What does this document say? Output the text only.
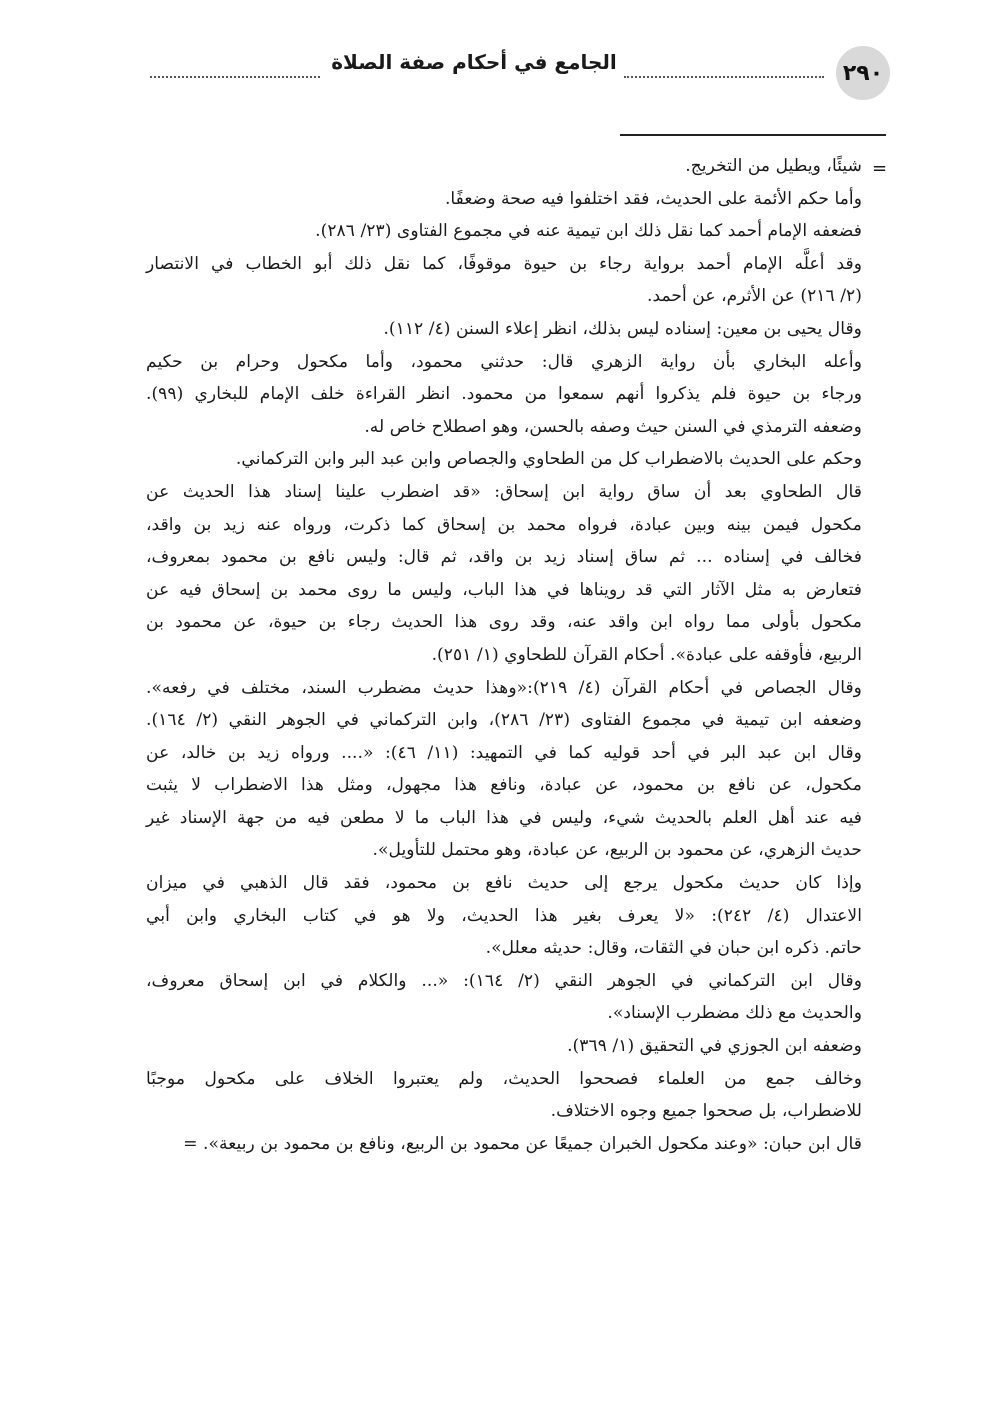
٢٩٠
الجامع في أحكام صفة الصلاة
=
شيئًا، ويطيل من التخريج.
وأما حكم الأئمة على الحديث، فقد اختلفوا فيه صحة وضعفًا.
فضعفه الإمام أحمد كما نقل ذلك ابن تيمية عنه في مجموع الفتاوى (٢٣/ ٢٨٦).
وقد أعلَّه الإمام أحمد برواية رجاء بن حيوة موقوفًا، كما نقل ذلك أبو الخطاب في الانتصار
(٢/ ٢١٦) عن الأثرم، عن أحمد.
وقال يحيى بن معين: إسناده ليس بذلك، انظر إعلاء السنن (٤/ ١١٢).
وأعله البخاري بأن رواية الزهري قال: حدثني محمود، وأما مكحول وحرام بن حكيم
ورجاء بن حيوة فلم يذكروا أنهم سمعوا من محمود. انظر القراءة خلف الإمام للبخاري (٩٩).
وضعفه الترمذي في السنن حيث وصفه بالحسن، وهو اصطلاح خاص له.
وحكم على الحديث بالاضطراب كل من الطحاوي والجصاص وابن عبد البر وابن التركماني.
قال الطحاوي بعد أن ساق رواية ابن إسحاق: «قد اضطرب علينا إسناد هذا الحديث عن
مكحول فيمن بينه وبين عبادة، فرواه محمد بن إسحاق كما ذكرت، ورواه عنه زيد بن واقد،
فخالف في إسناده ... ثم ساق إسناد زيد بن واقد، ثم قال: وليس نافع بن محمود بمعروف،
فتعارض به مثل الآثار التي قد رويناها في هذا الباب، وليس ما روى محمد بن إسحاق فيه عن
مكحول بأولى مما رواه ابن واقد عنه، وقد روى هذا الحديث رجاء بن حيوة، عن محمود بن
الربيع، فأوقفه على عبادة». أحكام القرآن للطحاوي (١/ ٢٥١).
وقال الجصاص في أحكام القرآن (٤/ ٢١٩):«وهذا حديث مضطرب السند، مختلف في رفعه».
وضعفه ابن تيمية في مجموع الفتاوى (٢٣/ ٢٨٦)، وابن التركماني في الجوهر النقي (٢/ ١٦٤).
وقال ابن عبد البر في أحد قوليه كما في التمهيد: (١١/ ٤٦): «.... ورواه زيد بن خالد، عن
مكحول، عن نافع بن محمود، عن عبادة، ونافع هذا مجهول، ومثل هذا الاضطراب لا يثبت
فيه عند أهل العلم بالحديث شيء، وليس في هذا الباب ما لا مطعن فيه من جهة الإسناد غير
حديث الزهري، عن محمود بن الربيع، عن عبادة، وهو محتمل للتأويل».
وإذا كان حديث مكحول يرجع إلى حديث نافع بن محمود، فقد قال الذهبي في ميزان
الاعتدال (٤/ ٢٤٢): «لا يعرف بغير هذا الحديث، ولا هو في كتاب البخاري وابن أبي
حاتم. ذكره ابن حبان في الثقات، وقال: حديثه معلل».
وقال ابن التركماني في الجوهر النقي (٢/ ١٦٤): «... والكلام في ابن إسحاق معروف،
والحديث مع ذلك مضطرب الإسناد».
وضعفه ابن الجوزي في التحقيق (١/ ٣٦٩).
وخالف جمع من العلماء فصححوا الحديث، ولم يعتبروا الخلاف على مكحول موجبًا
للاضطراب، بل صححوا جميع وجوه الاختلاف.
قال ابن حبان: «وعند مكحول الخبران جميعًا عن محمود بن الربيع، ونافع بن محمود بن ربيعة». =
